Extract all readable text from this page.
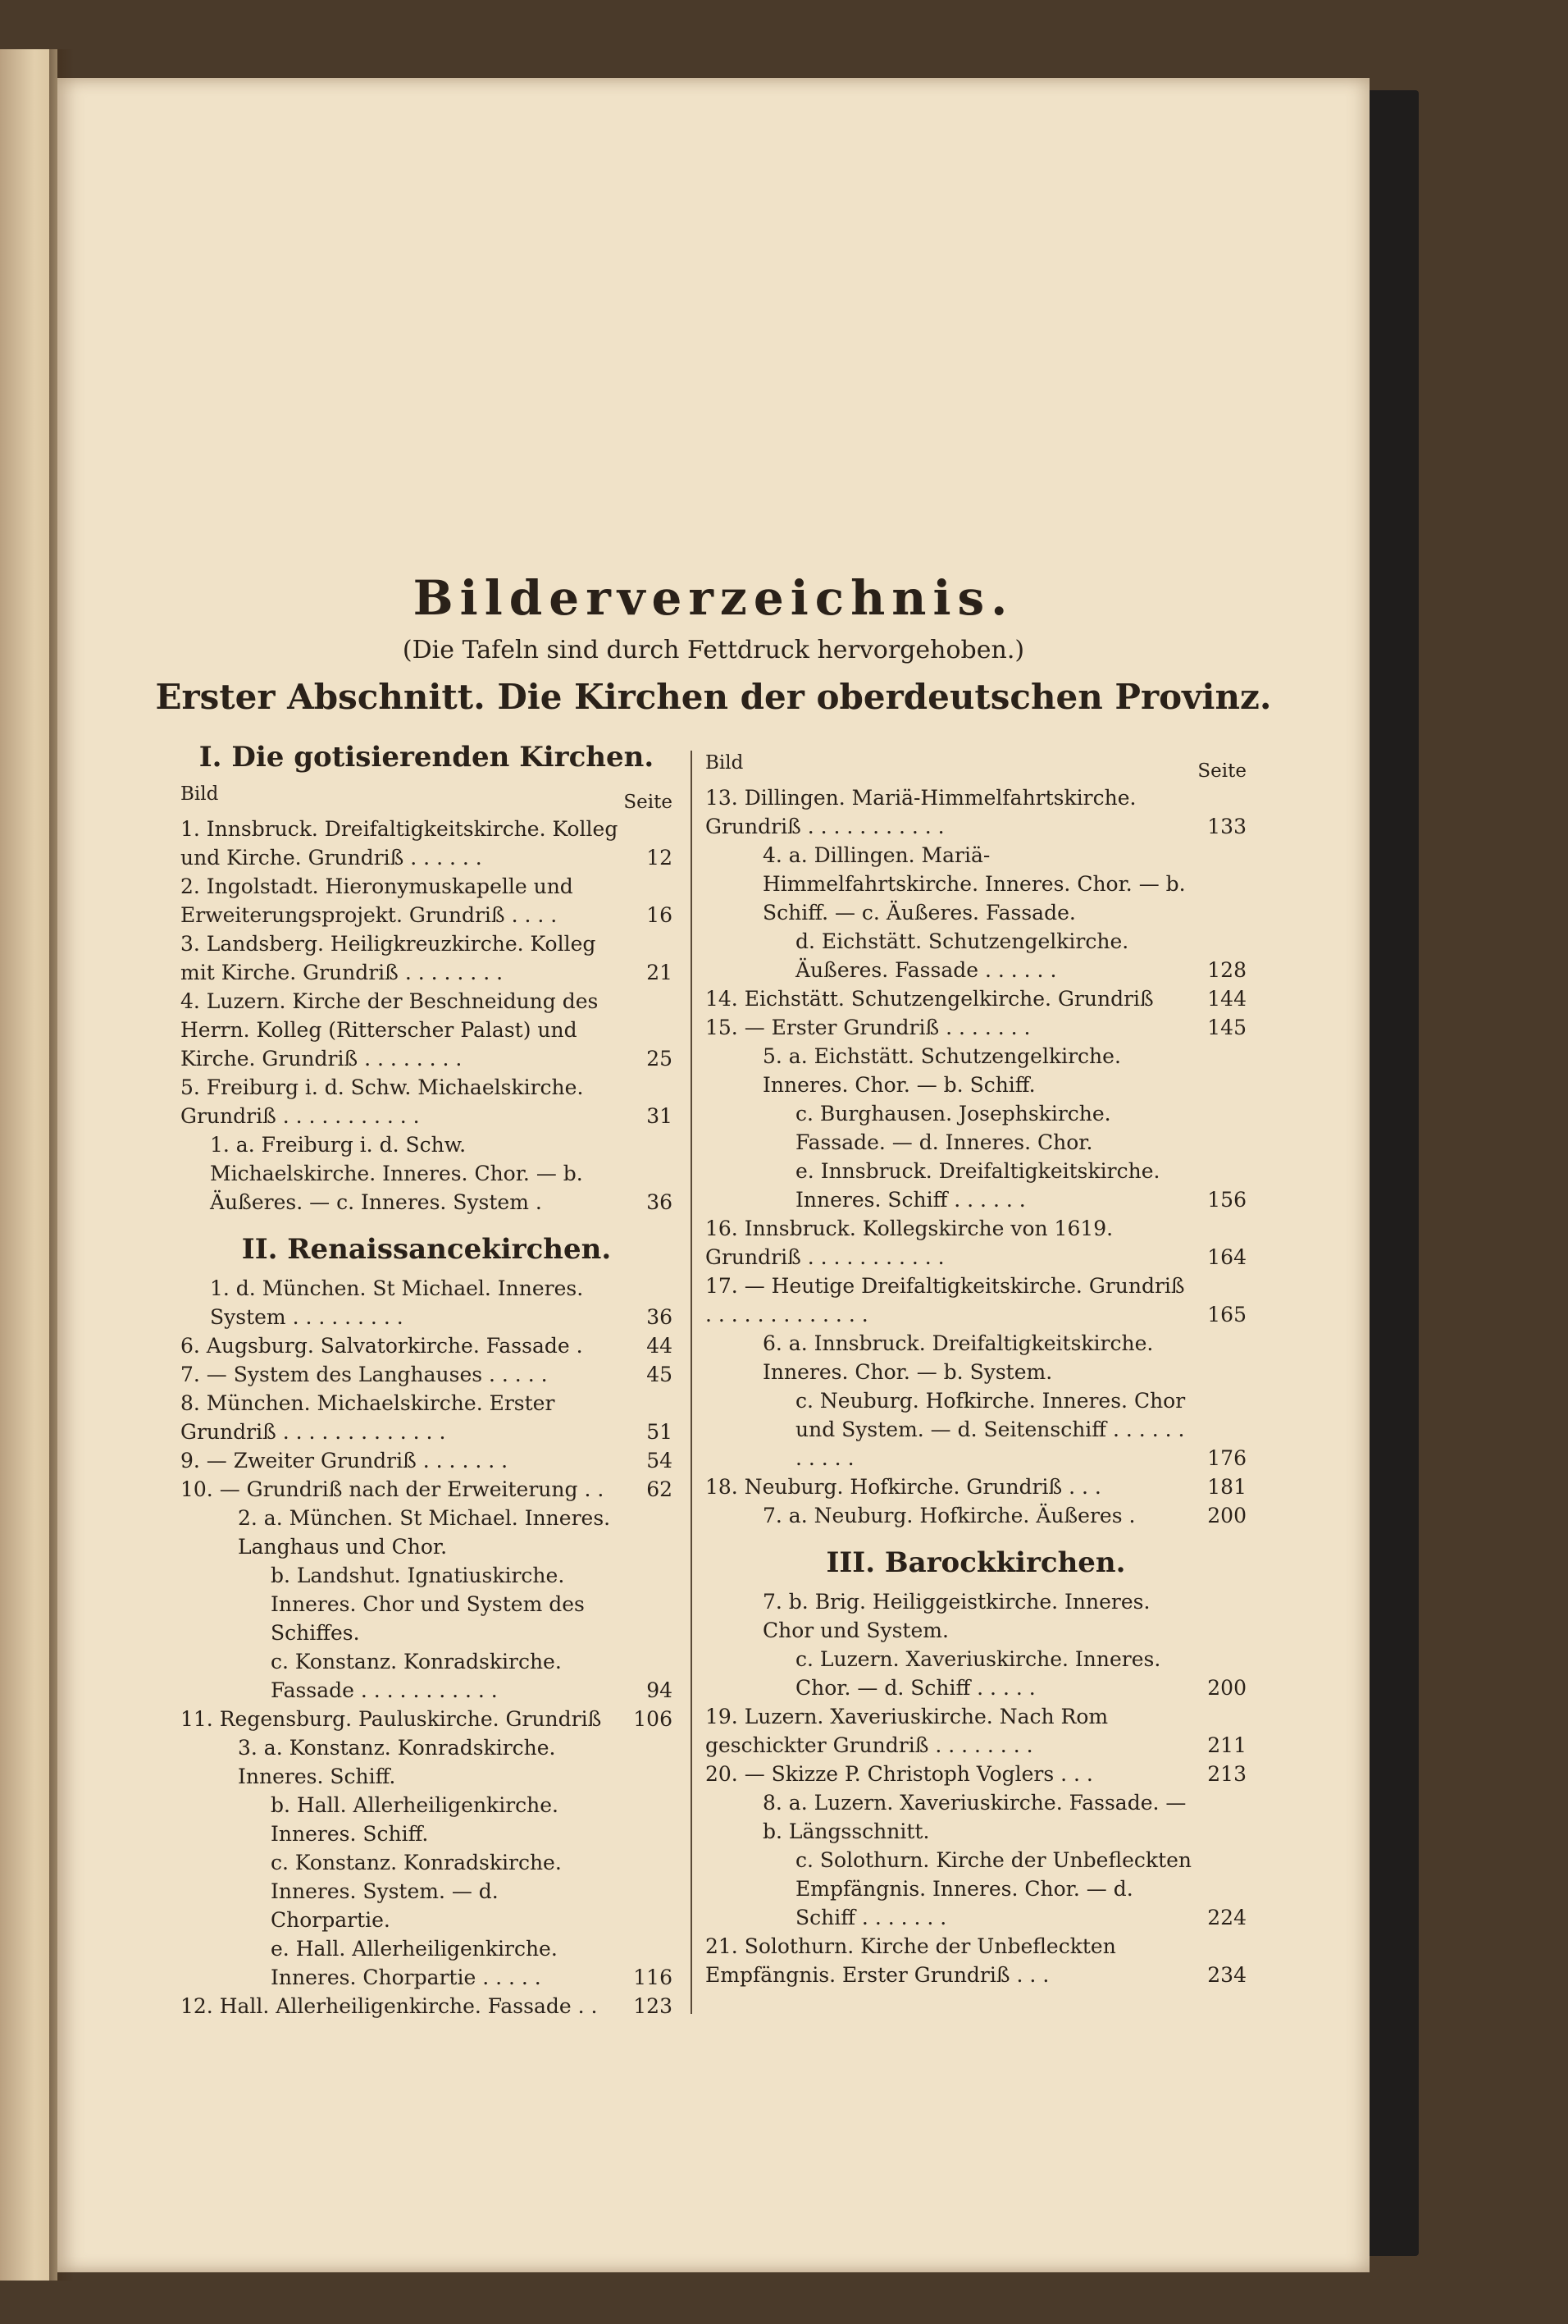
Bilderverzeichnis.
(Die Tafeln sind durch Fettdruck hervorgehoben.)
Erster Abschnitt. Die Kirchen der oberdeutschen Provinz.
I. Die gotisierenden Kirchen.
Bild	Seite
1. Innsbruck. Dreifaltigkeitskirche. Kolleg und Kirche. Grundriß . . . . . .	12
2. Ingolstadt. Hieronymuskapelle und Erweiterungsprojekt. Grundriß . . . .	16
3. Landsberg. Heiligkreuzkirche. Kolleg mit Kirche. Grundriß . . . . . . . .	21
4. Luzern. Kirche der Beschneidung des Herrn. Kolleg (Ritterscher Palast) und Kirche. Grundriß . . . . . . . .	25
5. Freiburg i. d. Schw. Michaelskirche. Grundriß . . . . . . . . . . .	31
1. a. Freiburg i. d. Schw. Michaelskirche. Inneres. Chor. — b. Äußeres. — c. Inneres. System .	36
II. Renaissancekirchen.
1. d. München. St Michael. Inneres. System . . . . . . . . .	36
6. Augsburg. Salvatorkirche. Fassade .	44
7. — System des Langhauses . . . . .	45
8. München. Michaelskirche. Erster Grundriß . . . . . . . . . . . . .	51
9. — Zweiter Grundriß . . . . . . .	54
10. — Grundriß nach der Erweiterung . . 62
2. a. München. St Michael. Inneres. Langhaus und Chor.
b. Landshut. Ignatiuskirche. Inneres. Chor und System des Schiffes.
c. Konstanz. Konradskirche. Fassade . . . . . . . . . . .	94
11. Regensburg. Pauluskirche. Grundriß 106
3. a. Konstanz. Konradskirche. Inneres. Schiff.
b. Hall. Allerheiligenkirche. Inneres. Schiff.
c. Konstanz. Konradskirche. Inneres. System. — d. Chorpartie.
e. Hall. Allerheiligenkirche. Inneres. Chorpartie . . . . .	116
12. Hall. Allerheiligenkirche. Fassade . . 123
Bild	Seite
13. Dillingen. Mariä-Himmelfahrtskirche. Grundriß . . . . . . . . . . .	133
4. a. Dillingen. Mariä-Himmelfahrtskirche. Inneres. Chor. — b. Schiff. — c. Äußeres. Fassade.
d. Eichstätt. Schutzengelkirche. Äußeres. Fassade . . . . . .	128
14. Eichstätt. Schutzengelkirche. Grundriß	144
15. — Erster Grundriß . . . . . . .	145
5. a. Eichstätt. Schutzengelkirche. Inneres. Chor. — b. Schiff.
c. Burghausen. Josephskirche. Fassade. — d. Inneres. Chor.
e. Innsbruck. Dreifaltigkeitskirche. Inneres. Schiff . . . . . .	156
16. Innsbruck. Kollegskirche von 1619. Grundriß . . . . . . . . . . .	164
17. — Heutige Dreifaltigkeitskirche. Grundriß . . . . . . . . . . . . .	165
6. a. Innsbruck. Dreifaltigkeitskirche. Inneres. Chor. — b. System.
c. Neuburg. Hofkirche. Inneres. Chor und System. — d. Seitenschiff . . . . . . . . . . .	176
18. Neuburg. Hofkirche. Grundriß . . .	181
7. a. Neuburg. Hofkirche. Äußeres .	200
III. Barockkirchen.
7. b. Brig. Heiliggeistkirche. Inneres. Chor und System.
c. Luzern. Xaveriuskirche. Inneres. Chor. — d. Schiff . . . . .	200
19. Luzern. Xaveriuskirche. Nach Rom geschickter Grundriß . . . . . . . .	211
20. — Skizze P. Christoph Voglers . . .	213
8. a. Luzern. Xaveriuskirche. Fassade. — b. Längsschnitt.
c. Solothurn. Kirche der Unbefleckten Empfängnis. Inneres. Chor. — d. Schiff . . . . . . .	224
21. Solothurn. Kirche der Unbefleckten Empfängnis. Erster Grundriß . . .	234
